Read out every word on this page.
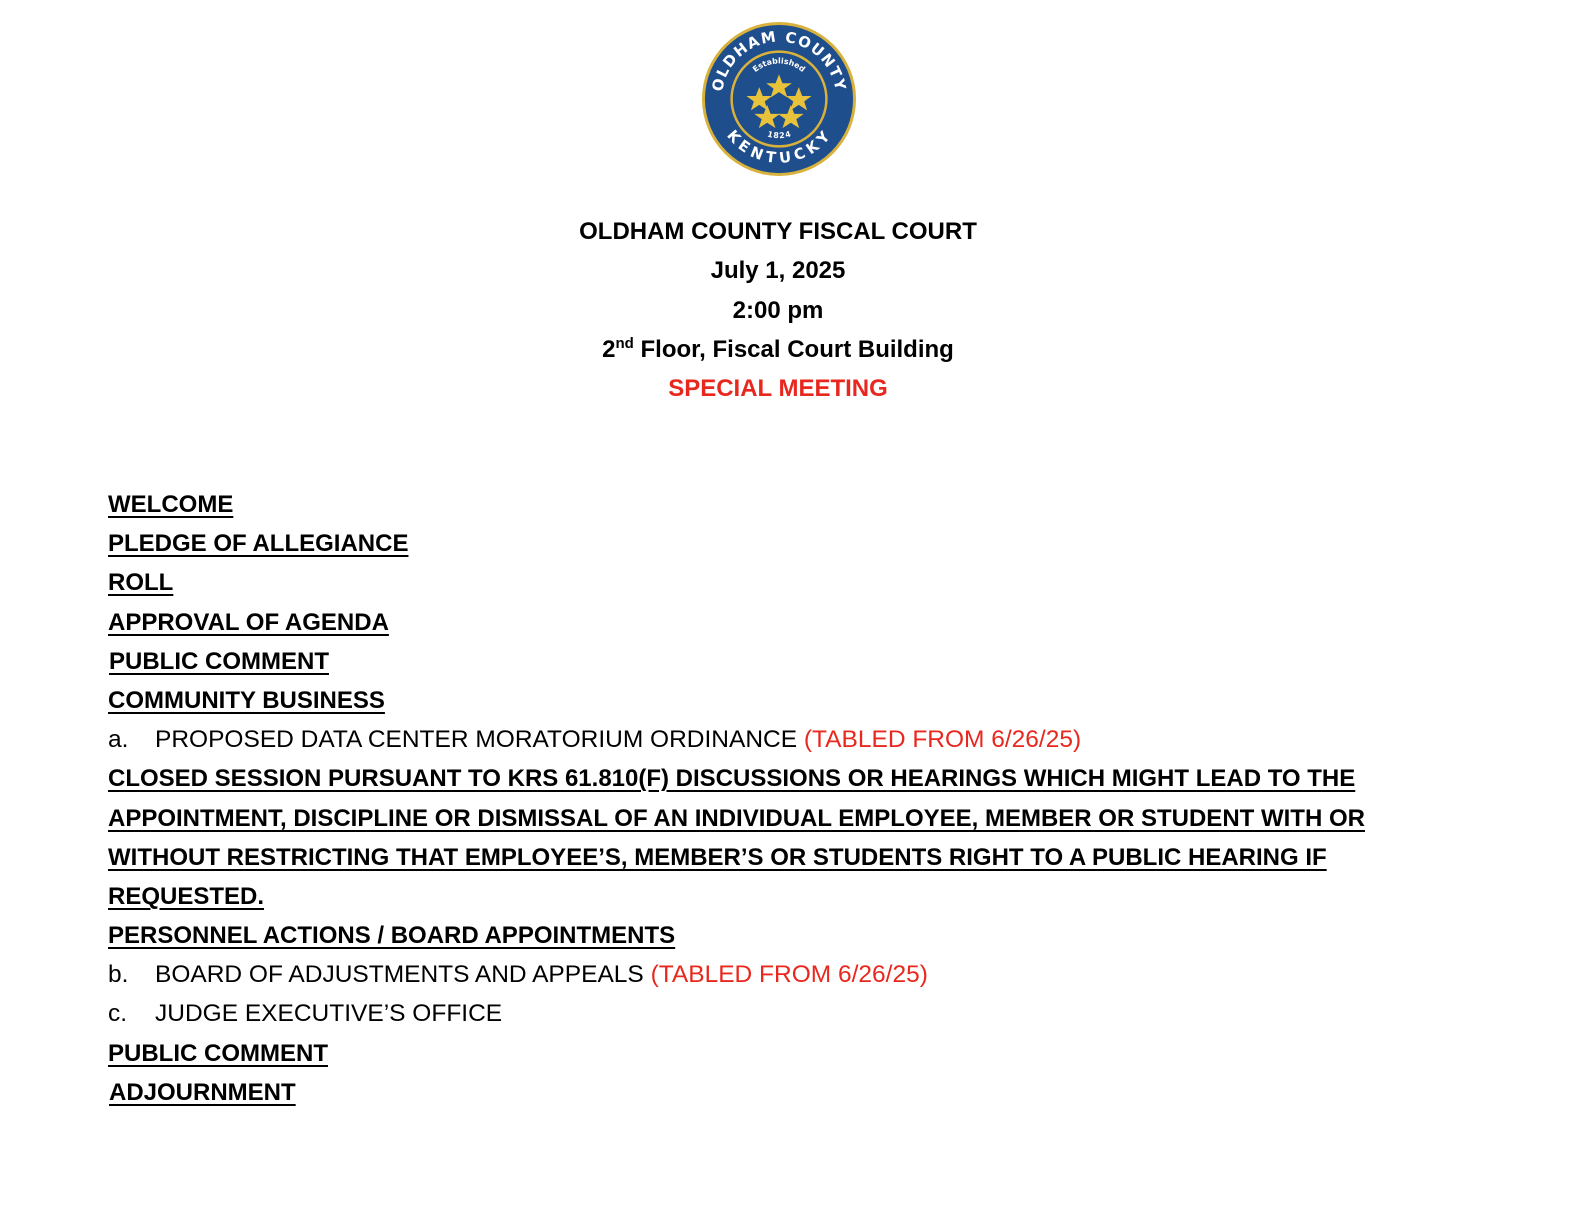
OLDHAM COUNTY
KENTUCKY
Established
1824
OLDHAM COUNTY FISCAL COURT
July 1, 2025
2:00 pm
2nd Floor, Fiscal Court Building
SPECIAL MEETING
WELCOME
PLEDGE OF ALLEGIANCE
ROLL
APPROVAL OF AGENDA
PUBLIC COMMENT
COMMUNITY BUSINESS
a. PROPOSED DATA CENTER MORATORIUM ORDINANCE (TABLED FROM 6/26/25)
CLOSED SESSION PURSUANT TO KRS 61.810(F) DISCUSSIONS OR HEARINGS WHICH MIGHT LEAD TO THE
APPOINTMENT, DISCIPLINE OR DISMISSAL OF AN INDIVIDUAL EMPLOYEE, MEMBER OR STUDENT WITH OR
WITHOUT RESTRICTING THAT EMPLOYEE’S, MEMBER’S OR STUDENTS RIGHT TO A PUBLIC HEARING IF
REQUESTED.
PERSONNEL ACTIONS / BOARD APPOINTMENTS
b. BOARD OF ADJUSTMENTS AND APPEALS (TABLED FROM 6/26/25)
c. JUDGE EXECUTIVE’S OFFICE
PUBLIC COMMENT
ADJOURNMENT
